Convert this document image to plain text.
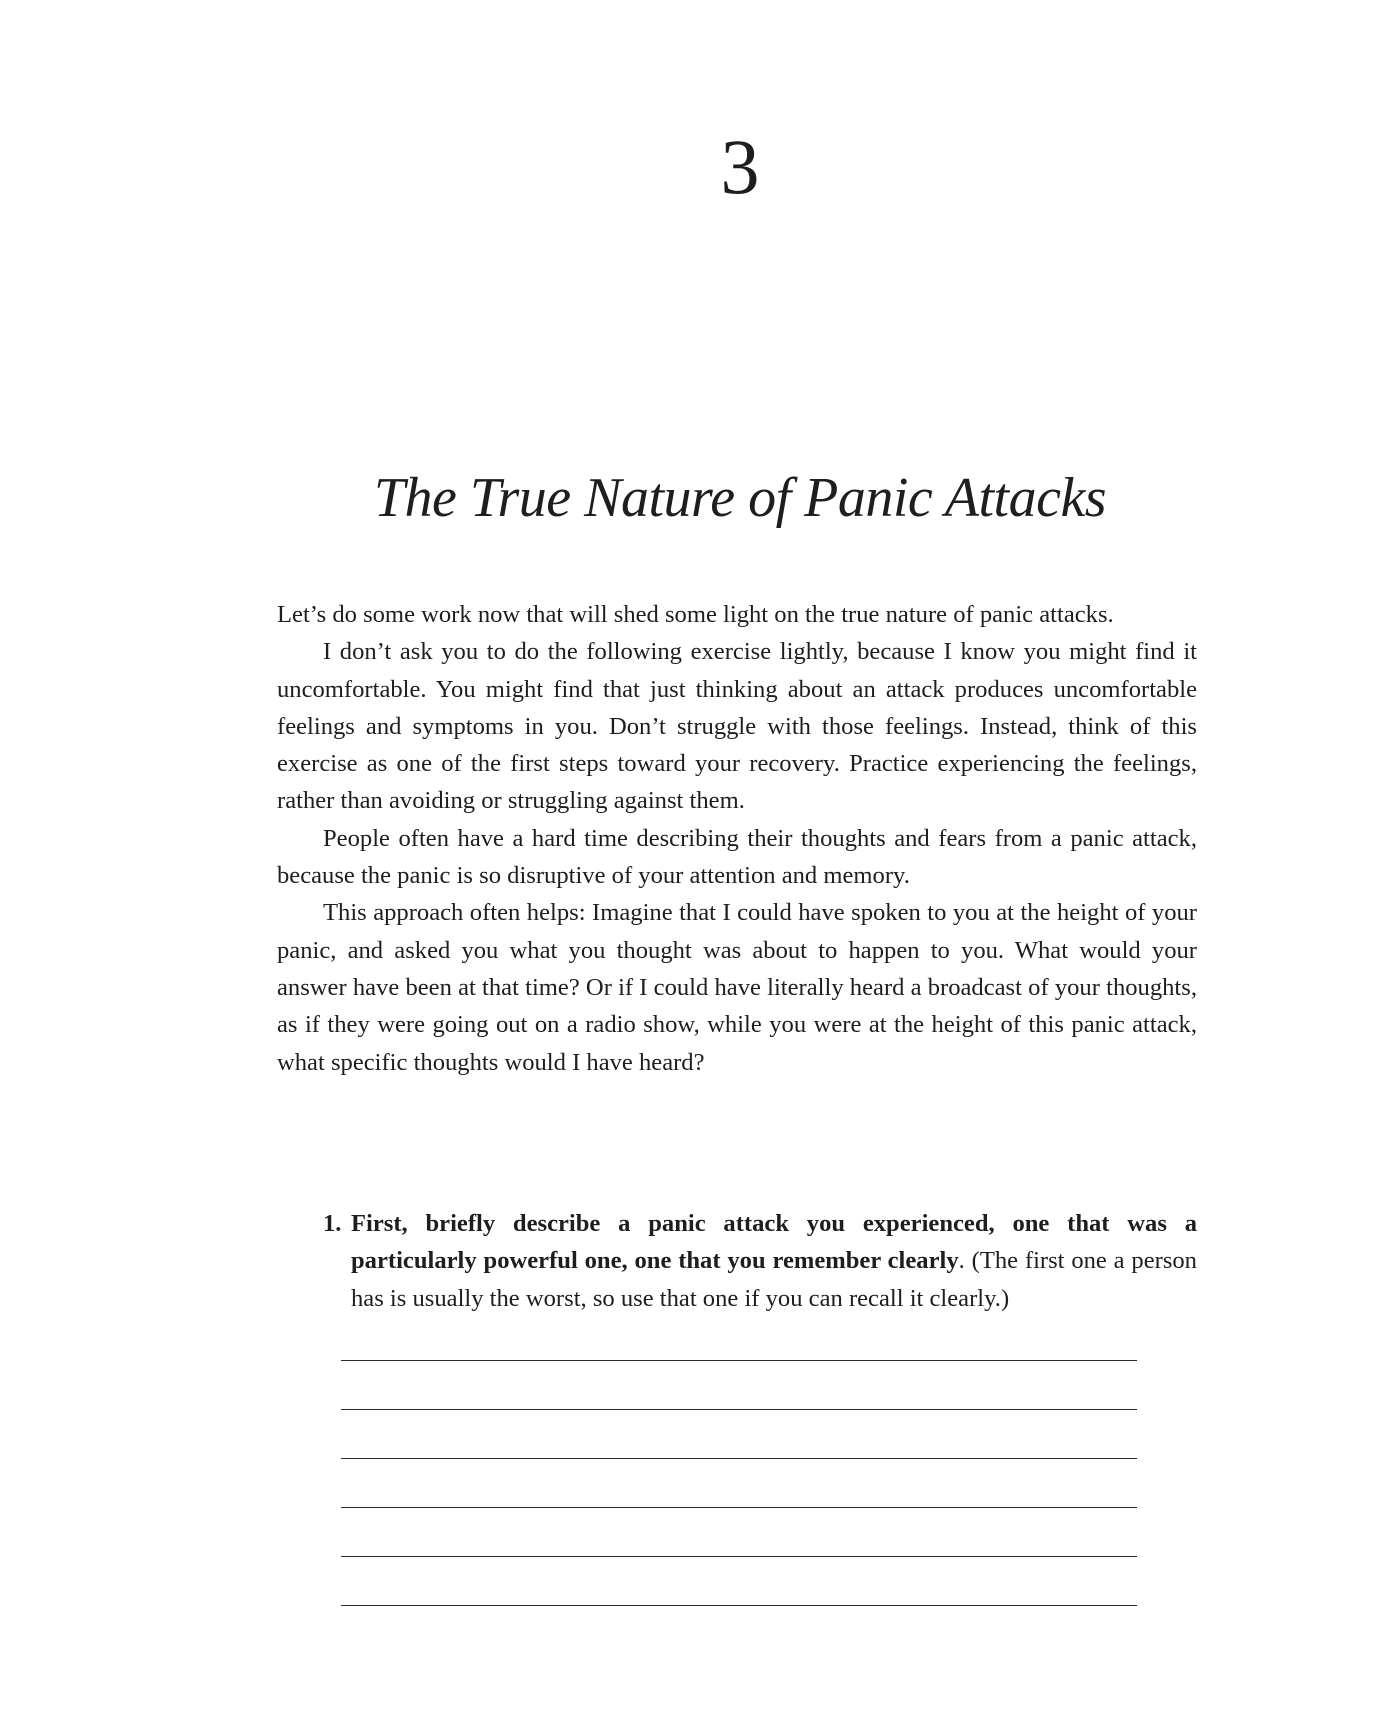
3
The True Nature of Panic Attacks

Let’s do some work now that will shed some light on the true nature of panic attacks.

I don’t ask you to do the following exercise lightly, because I know you might find it uncomfortable. You might find that just thinking about an attack produces uncomfortable feelings and symptoms in you. Don’t struggle with those feelings. Instead, think of this exercise as one of the first steps toward your recovery. Practice experiencing the feelings, rather than avoiding or struggling against them.

People often have a hard time describing their thoughts and fears from a panic attack, because the panic is so disruptive of your attention and memory.

This approach often helps: Imagine that I could have spoken to you at the height of your panic, and asked you what you thought was about to happen to you. What would your answer have been at that time? Or if I could have literally heard a broadcast of your thoughts, as if they were going out on a radio show, while you were at the height of this panic attack, what specific thoughts would I have heard?

1. First, briefly describe a panic attack you experienced, one that was a particularly powerful one, one that you remember clearly. (The first one a person has is usually the worst, so use that one if you can recall it clearly.)
